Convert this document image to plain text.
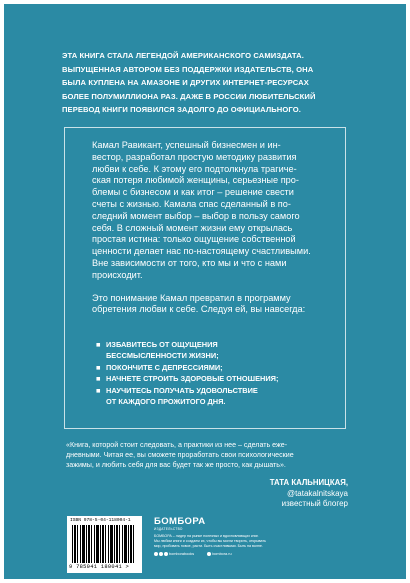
ЭТА КНИГА СТАЛА ЛЕГЕНДОЙ АМЕРИКАНСКОГО САМИЗДАТА.
ВЫПУЩЕННАЯ АВТОРОМ БЕЗ ПОДДЕРЖКИ ИЗДАТЕЛЬСТВ, ОНА
БЫЛА КУПЛЕНА НА АМАЗОНЕ И ДРУГИХ ИНТЕРНЕТ-РЕСУРСАХ
БОЛЕЕ ПОЛУМИЛЛИОНА РАЗ. ДАЖЕ В РОССИИ ЛЮБИТЕЛЬСКИЙ
ПЕРЕВОД КНИГИ ПОЯВИЛСЯ ЗАДОЛГО ДО ОФИЦИАЛЬНОГО.
Камал Равикант, успешный бизнесмен и ин-
вестор, разработал простую методику развития
любви к себе. К этому его подтолкнула трагиче-
ская потеря любимой женщины, серьезные про-
блемы с бизнесом и как итог – решение свести
счеты с жизнью. Камала спас сделанный в по-
следний момент выбор – выбор в пользу самого
себя. В сложный момент жизни ему открылась
простая истина: только ощущение собственной
ценности делает нас по-настоящему счастливыми.
Вне зависимости от того, кто мы и что с нами
происходит.
Это понимание Камал превратил в программу
обретения любви к себе. Следуя ей, вы навсегда:
■ ИЗБАВИТЕСЬ ОТ ОЩУЩЕНИЯ
БЕССМЫСЛЕННОСТИ ЖИЗНИ;
■ ПОКОНЧИТЕ С ДЕПРЕССИЯМИ;
■ НАЧНЕТЕ СТРОИТЬ ЗДОРОВЫЕ ОТНОШЕНИЯ;
■ НАУЧИТЕСЬ ПОЛУЧАТЬ УДОВОЛЬСТВИЕ
ОТ КАЖДОГО ПРОЖИТОГО ДНЯ.
«Книга, которой стоит следовать, а практики из нее – сделать еже-
дневными. Читая ее, вы сможете проработать свои психологические
зажимы, и любить себя для вас будет так же просто, как дышать».
ТАТА КАЛЬНИЦКАЯ,
@tatakalnitskaya
известный блогер
ISBN 978-5-04-118004-1
9 785041 180041 >
БОМБОРА
ИЗДАТЕЛЬСТВО
БОМБОРА – лидер на рынке полезных и вдохновляющих книг.
Мы любим книги и создаем их, чтобы вы могли творить, открывать
мир, пробовать новое, расти. Быть счастливыми. Быть на волне.
bomborabooks	bombora.ru
